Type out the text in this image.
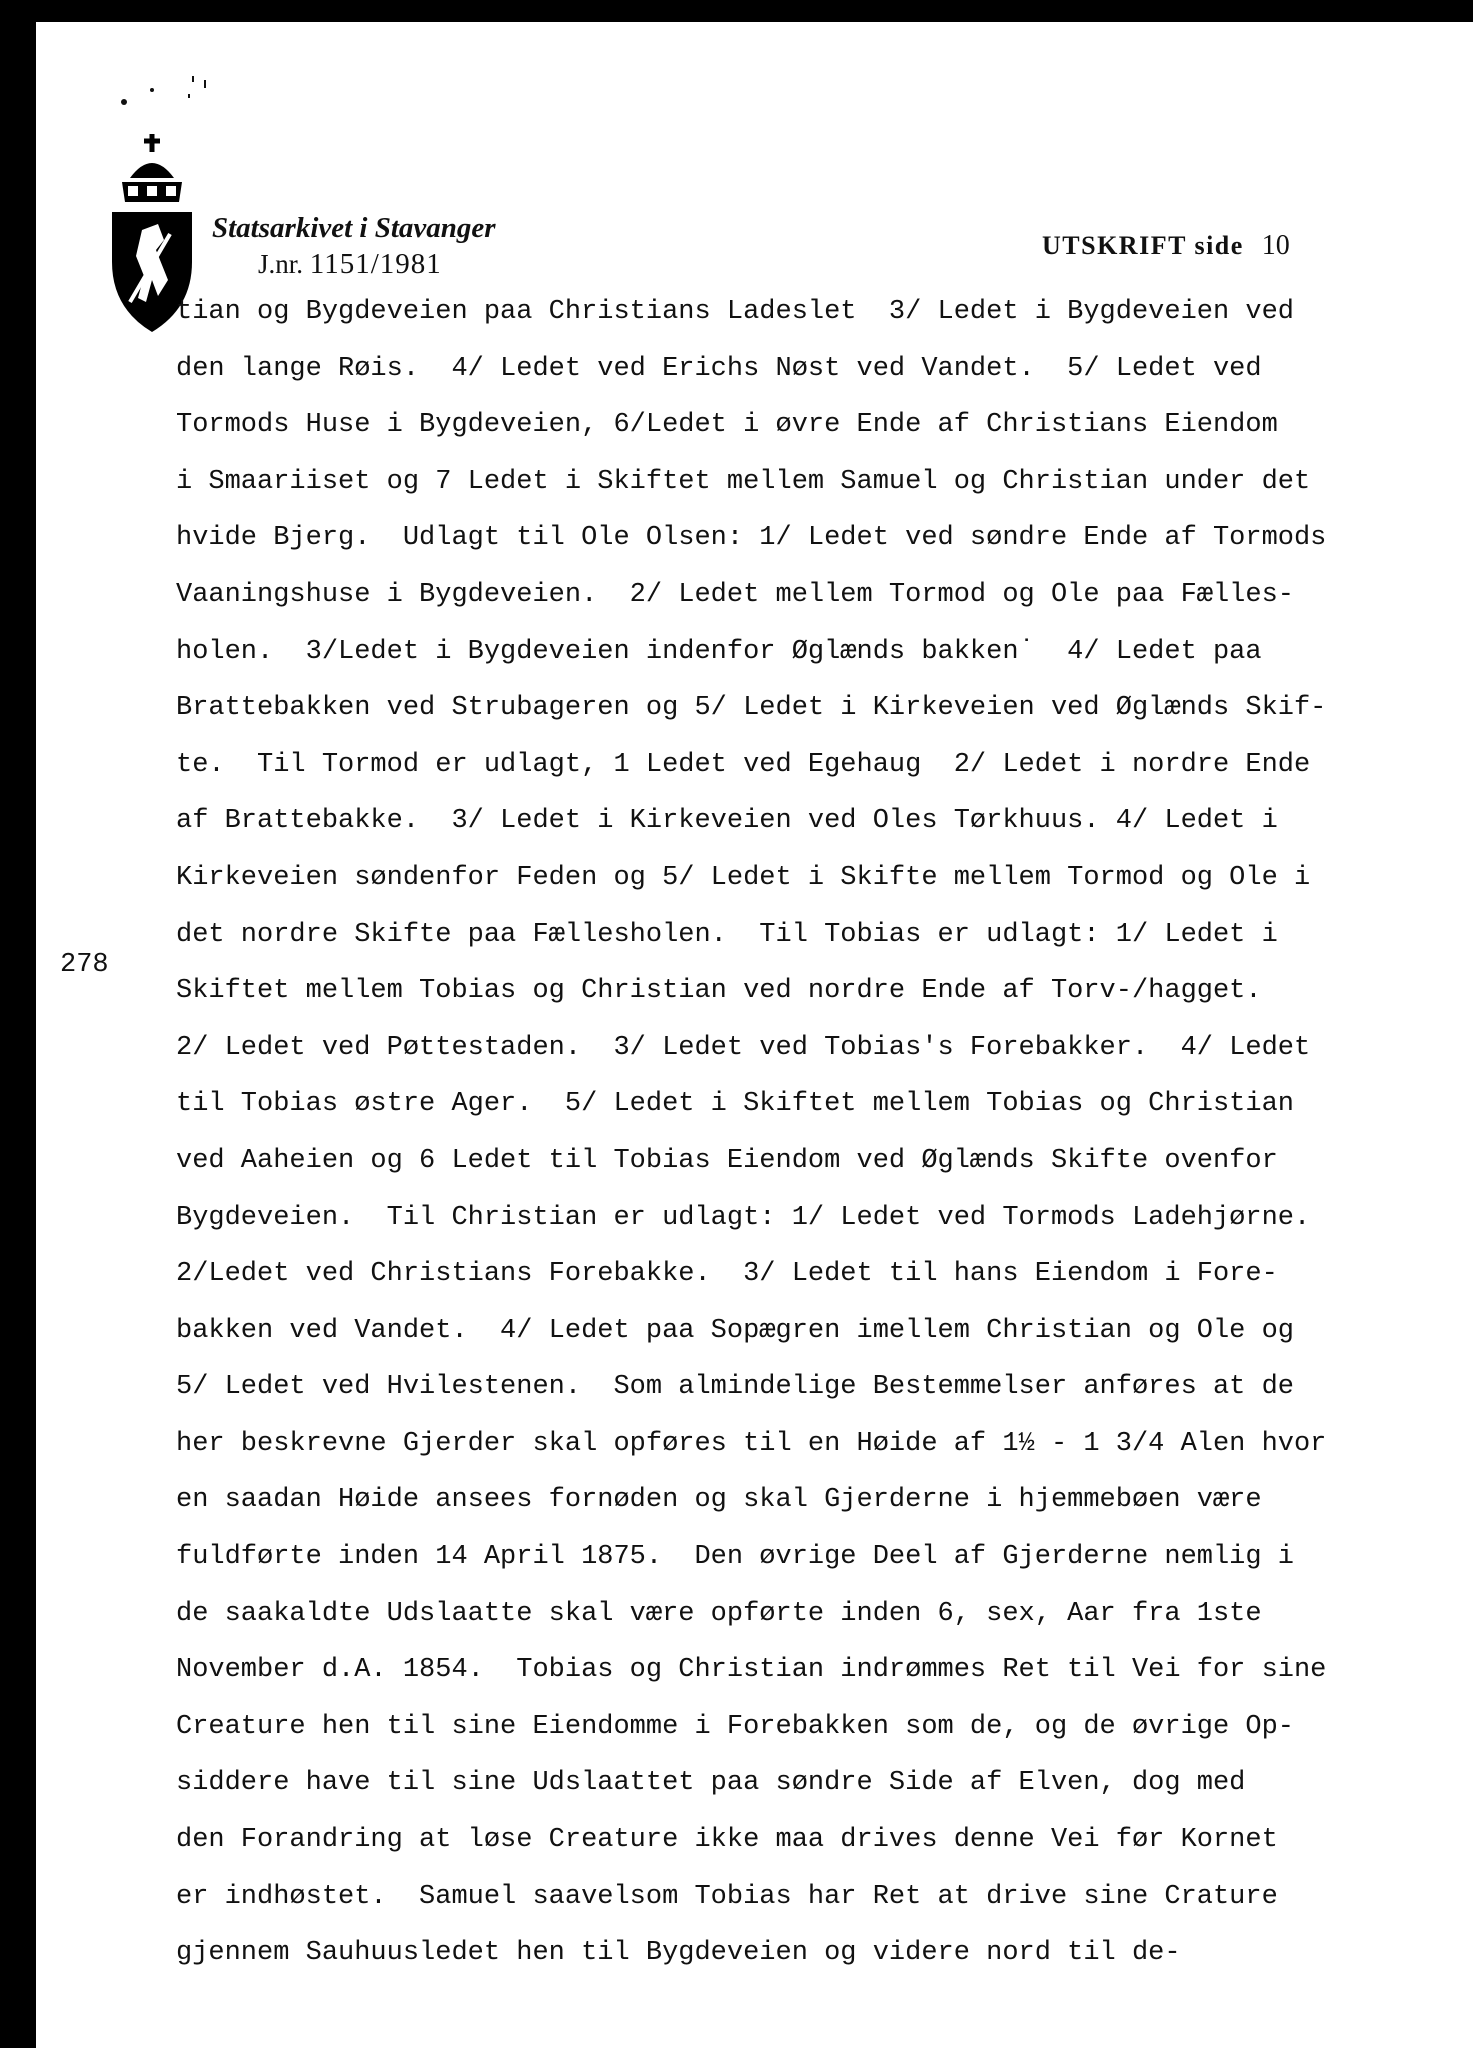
Statsarkivet i Stavanger

J.nr. 1151/1981

UTSKRIFT side 10

278
tian og Bygdeveien paa Christians Ladeslet  3/ Ledet i Bygdeveien ved
den lange Røis.  4/ Ledet ved Erichs Nøst ved Vandet.  5/ Ledet ved
Tormods Huse i Bygdeveien, 6/Ledet i øvre Ende af Christians Eiendom
i Smaariiset og 7 Ledet i Skiftet mellem Samuel og Christian under det
hvide Bjerg.  Udlagt til Ole Olsen: 1/ Ledet ved søndre Ende af Tormods
Vaaningshuse i Bygdeveien.  2/ Ledet mellem Tormod og Ole paa Fælles-
holen.  3/Ledet i Bygdeveien indenfor Øglænds bakken˙  4/ Ledet paa
Brattebakken ved Strubageren og 5/ Ledet i Kirkeveien ved Øglænds Skif-
te.  Til Tormod er udlagt, 1 Ledet ved Egehaug  2/ Ledet i nordre Ende
af Brattebakke.  3/ Ledet i Kirkeveien ved Oles Tørkhuus. 4/ Ledet i
Kirkeveien søndenfor Feden og 5/ Ledet i Skifte mellem Tormod og Ole i
det nordre Skifte paa Fællesholen.  Til Tobias er udlagt: 1/ Ledet i
Skiftet mellem Tobias og Christian ved nordre Ende af Torv-/hagget.
2/ Ledet ved Pøttestaden.  3/ Ledet ved Tobias's Forebakker.  4/ Ledet
til Tobias østre Ager.  5/ Ledet i Skiftet mellem Tobias og Christian
ved Aaheien og 6 Ledet til Tobias Eiendom ved Øglænds Skifte ovenfor
Bygdeveien.  Til Christian er udlagt: 1/ Ledet ved Tormods Ladehjørne.
2/Ledet ved Christians Forebakke.  3/ Ledet til hans Eiendom i Fore-
bakken ved Vandet.  4/ Ledet paa Sopægren imellem Christian og Ole og
5/ Ledet ved Hvilestenen.  Som almindelige Bestemmelser anføres at de
her beskrevne Gjerder skal opføres til en Høide af 1½ - 1 3/4 Alen hvor
en saadan Høide ansees fornøden og skal Gjerderne i hjemmebøen være
fuldførte inden 14 April 1875.  Den øvrige Deel af Gjerderne nemlig i
de saakaldte Udslaatte skal være opførte inden 6, sex, Aar fra 1ste
November d.A. 1854.  Tobias og Christian indrømmes Ret til Vei for sine
Creature hen til sine Eiendomme i Forebakken som de, og de øvrige Op-
siddere have til sine Udslaattet paa søndre Side af Elven, dog med
den Forandring at løse Creature ikke maa drives denne Vei før Kornet
er indhøstet.  Samuel saavelsom Tobias har Ret at drive sine Crature
gjennem Sauhuusledet hen til Bygdeveien og videre nord til de-
